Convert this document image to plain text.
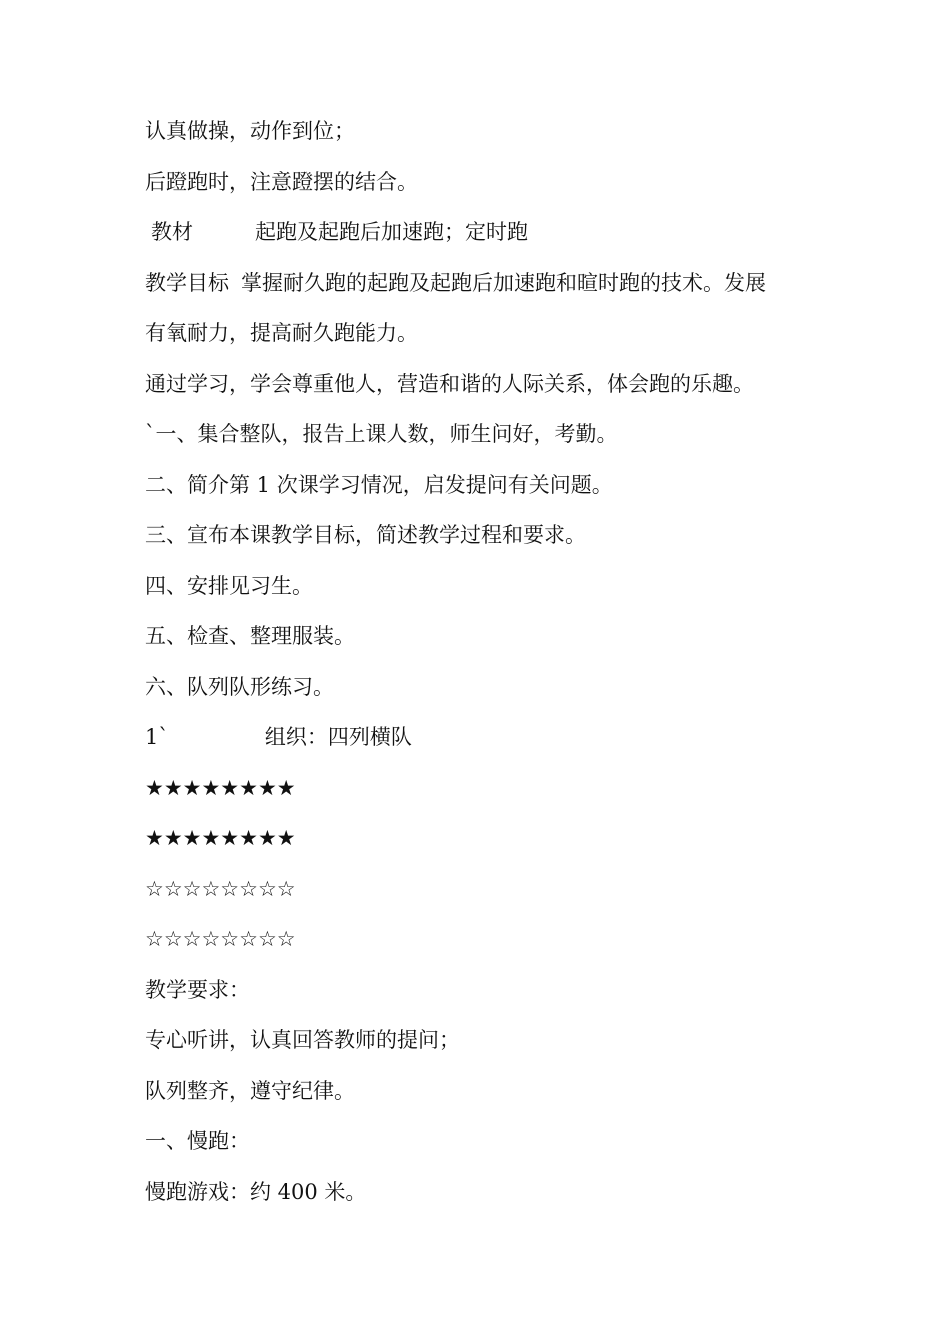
认真做操，动作到位；
后蹬跑时，注意蹬摆的结合。
教材	起跑及起跑后加速跑；定时跑
教学目标 掌握耐久跑的起跑及起跑后加速跑和暄时跑的技术。发展
有氧耐力，提高耐久跑能力。
通过学习，学会尊重他人，营造和谐的人际关系，体会跑的乐趣。
`一、集合整队，报告上课人数，师生问好，考勤。
二、简介第 1 次课学习情况，启发提问有关问题。
三、宣布本课教学目标，简述教学过程和要求。
四、安排见习生。
五、检查、整理服装。
六、队列队形练习。
1`	组织：四列横队
★★★★★★★★
★★★★★★★★
☆☆☆☆☆☆☆☆
☆☆☆☆☆☆☆☆
教学要求：
专心听讲，认真回答教师的提问；
队列整齐，遵守纪律。
一、慢跑：
慢跑游戏：约 400 米。
